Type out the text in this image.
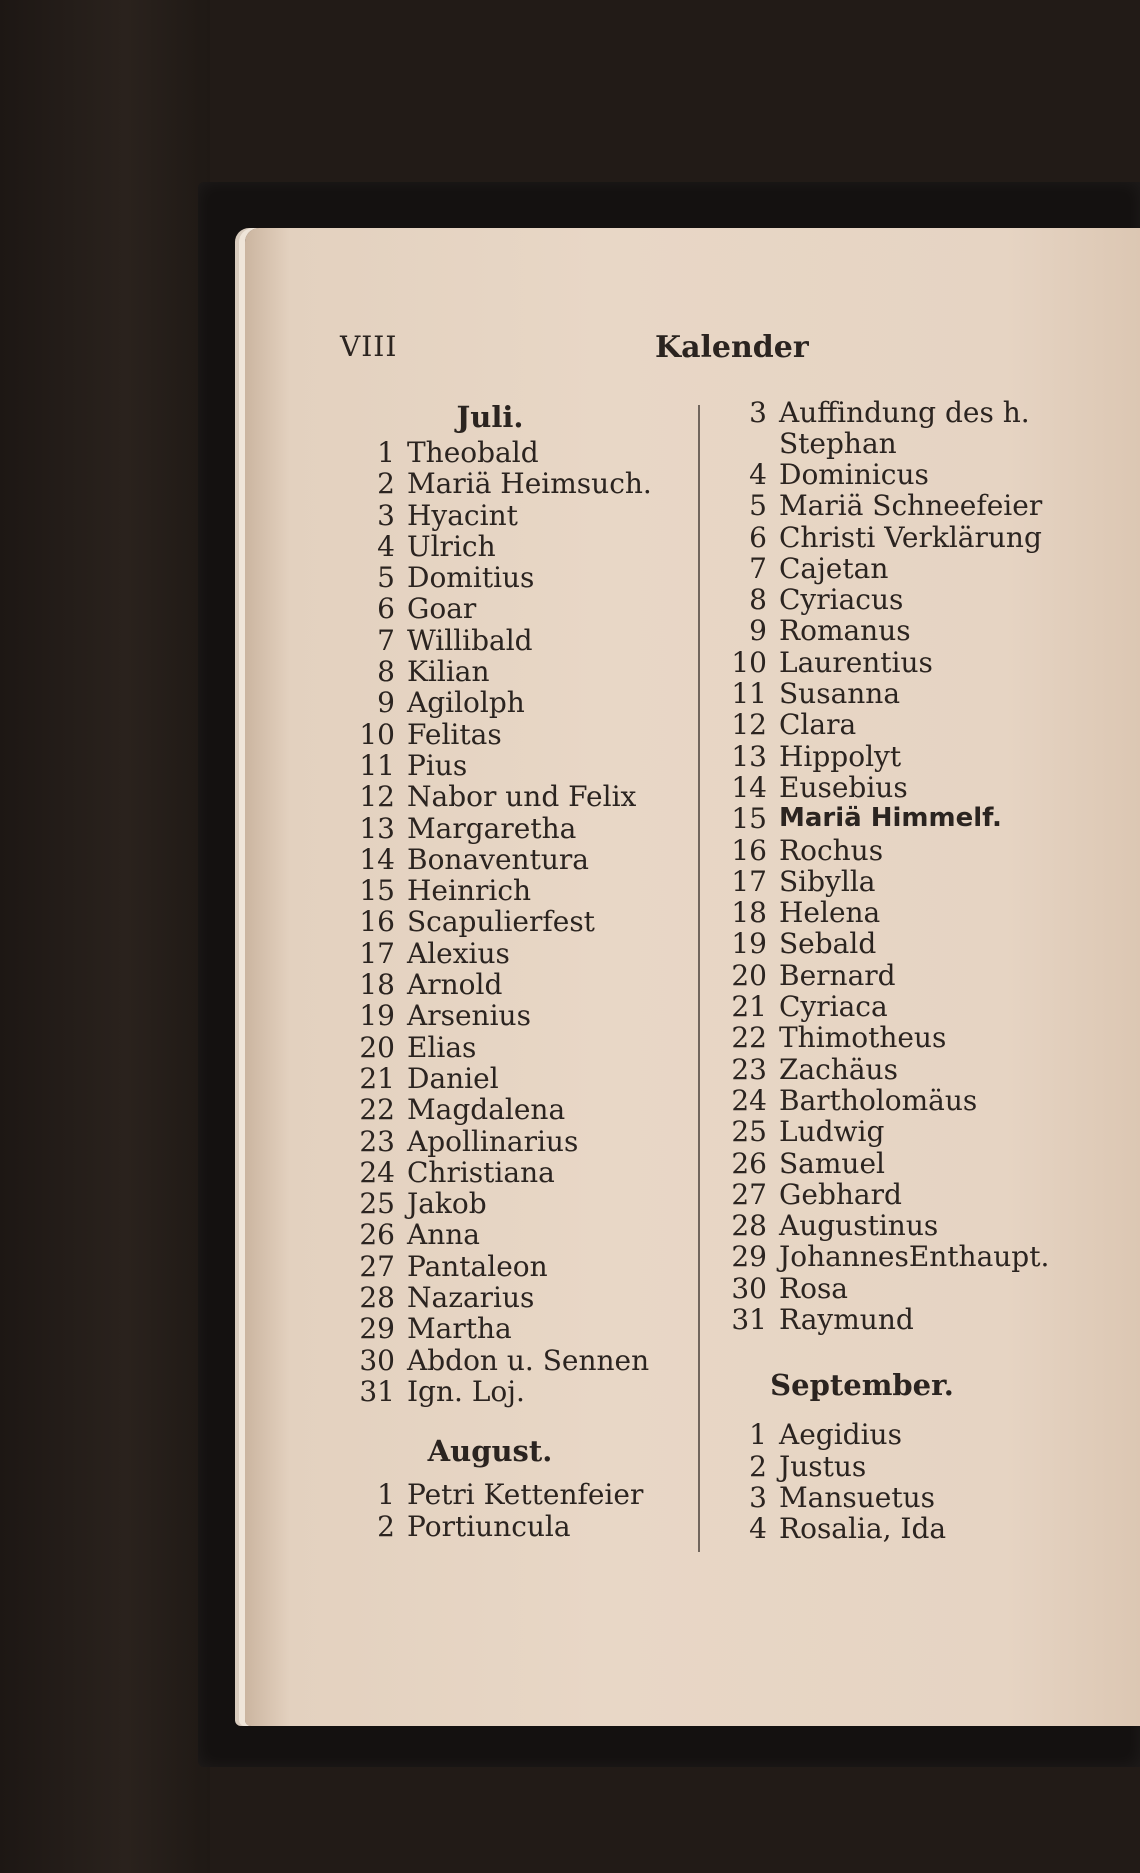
VIII	Kalender
Juli.
1 Theobald
2 Mariä Heimsuch.
3 Hyacint
4 Ulrich
5 Domitius
6 Goar
7 Willibald
8 Kilian
9 Agilolph
10 Felitas
11 Pius
12 Nabor und Felix
13 Margaretha
14 Bonaventura
15 Heinrich
16 Scapulierfest
17 Alexius
18 Arnold
19 Arsenius
20 Elias
21 Daniel
22 Magdalena
23 Apollinarius
24 Christiana
25 Jakob
26 Anna
27 Pantaleon
28 Nazarius
29 Martha
30 Abdon u. Sennen
31 Ign. Loj.
August.
1 Petri Kettenfeier
2 Portiuncula
3 Auffindung des h. Stephan
4 Dominicus
5 Mariä Schneefeier
6 Christi Verklärung
7 Cajetan
8 Cyriacus
9 Romanus
10 Laurentius
11 Susanna
12 Clara
13 Hippolyt
14 Eusebius
15 Mariä Himmelf.
16 Rochus
17 Sibylla
18 Helena
19 Sebald
20 Bernard
21 Cyriaca
22 Thimotheus
23 Zachäus
24 Bartholomäus
25 Ludwig
26 Samuel
27 Gebhard
28 Augustinus
29 JohannesEnthaupt.
30 Rosa
31 Raymund
September.
1 Aegidius
2 Justus
3 Mansuetus
4 Rosalia, Ida
